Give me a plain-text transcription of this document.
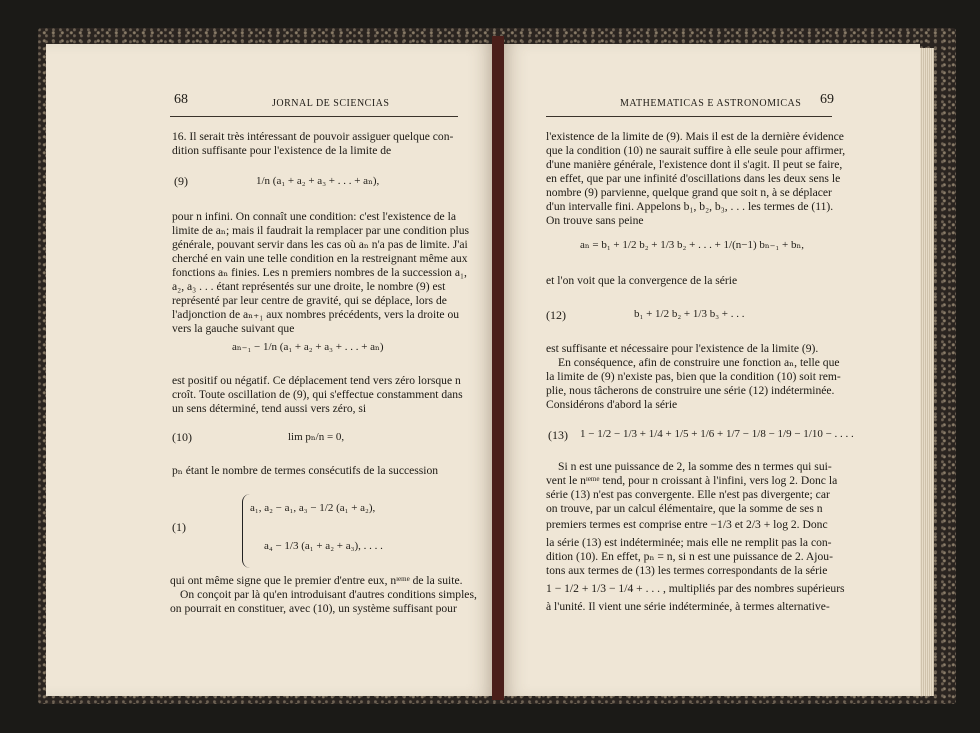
68	JORNAL DE SCIENCIAS
16. Il serait très intéressant de pouvoir assiguer quelque con-
dition suffisante pour l'existence de la limite de
(9)	1/n (a₁ + a₂ + a₃ + . . . + aₙ),
pour n infini. On connaît une condition: c'est l'existence de la
limite de aₙ; mais il faudrait la remplacer par une condition plus
générale, pouvant servir dans les cas où aₙ n'a pas de limite. J'ai
cherché en vain une telle condition en la restreignant même aux
fonctions aₙ finies. Les n premiers nombres de la succession a₁,
a₂, a₃ . . . étant représentés sur une droite, le nombre (9) est
représenté par leur centre de gravité, qui se déplace, lors de
l'adjonction de aₙ₊₁ aux nombres précédents, vers la droite ou
vers la gauche suivant que
aₙ₋₁ − 1/n (a₁ + a₂ + a₃ + . . . + aₙ)
est positif ou négatif. Ce déplacement tend vers zéro lorsque n
croît. Toute oscillation de (9), qui s'effectue constamment dans
un sens déterminé, tend aussi vers zéro, si
(10)	lim pₙ/n = 0,
pₙ étant le nombre de termes consécutifs de la succession
(1)
a₁, a₂ − a₁, a₃ − 1/2 (a₁ + a₂),
a₄ − 1/3 (a₁ + a₂ + a₃), . . . .
qui ont même signe que le premier d'entre eux, nᶦᵉᵐᵉ de la suite.
On conçoit par là qu'en introduisant d'autres conditions simples,
on pourrait en constituer, avec (10), un système suffisant pour
MATHEMATICAS E ASTRONOMICAS 69
l'existence de la limite de (9). Mais il est de la dernière évidence
que la condition (10) ne saurait suffire à elle seule pour affirmer,
d'une manière générale, l'existence dont il s'agit. Il peut se faire,
en effet, que par une infinité d'oscillations dans les deux sens le
nombre (9) parvienne, quelque grand que soit n, à se déplacer
d'un intervalle fini. Appelons b₁, b₂, b₃, . . . les termes de (11).
On trouve sans peine
aₙ = b₁ + 1/2 b₂ + 1/3 b₂ + . . . + 1/(n−1) bₙ₋₁ + bₙ,
et l'on voit que la convergence de la série
(12)	b₁ + 1/2 b₂ + 1/3 b₃ + . . .
est suffisante et nécessaire pour l'existence de la limite (9).
En conséquence, afin de construire une fonction aₙ, telle que
la limite de (9) n'existe pas, bien que la condition (10) soit rem-
plie, nous tâcherons de construire une série (12) indéterminée.
Considérons d'abord la série
(13) 1 − 1/2 − 1/3 + 1/4 + 1/5 + 1/6 + 1/7 − 1/8 − 1/9 − 1/10 − . . . .
Si n est une puissance de 2, la somme des n termes qui sui-
vent le nᶦᵉᵐᵉ tend, pour n croissant à l'infini, vers log 2. Donc la
série (13) n'est pas convergente. Elle n'est pas divergente; car
on trouve, par un calcul élémentaire, que la somme de ses n
premiers termes est comprise entre −1/3 et 2/3 + log 2. Donc
la série (13) est indéterminée; mais elle ne remplit pas la con-
dition (10). En effet, pₙ = n, si n est une puissance de 2. Ajou-
tons aux termes de (13) les termes correspondants de la série
1 − 1/2 + 1/3 − 1/4 + . . . , multipliés par des nombres supérieurs
à l'unité. Il vient une série indéterminée, à termes alternative-
